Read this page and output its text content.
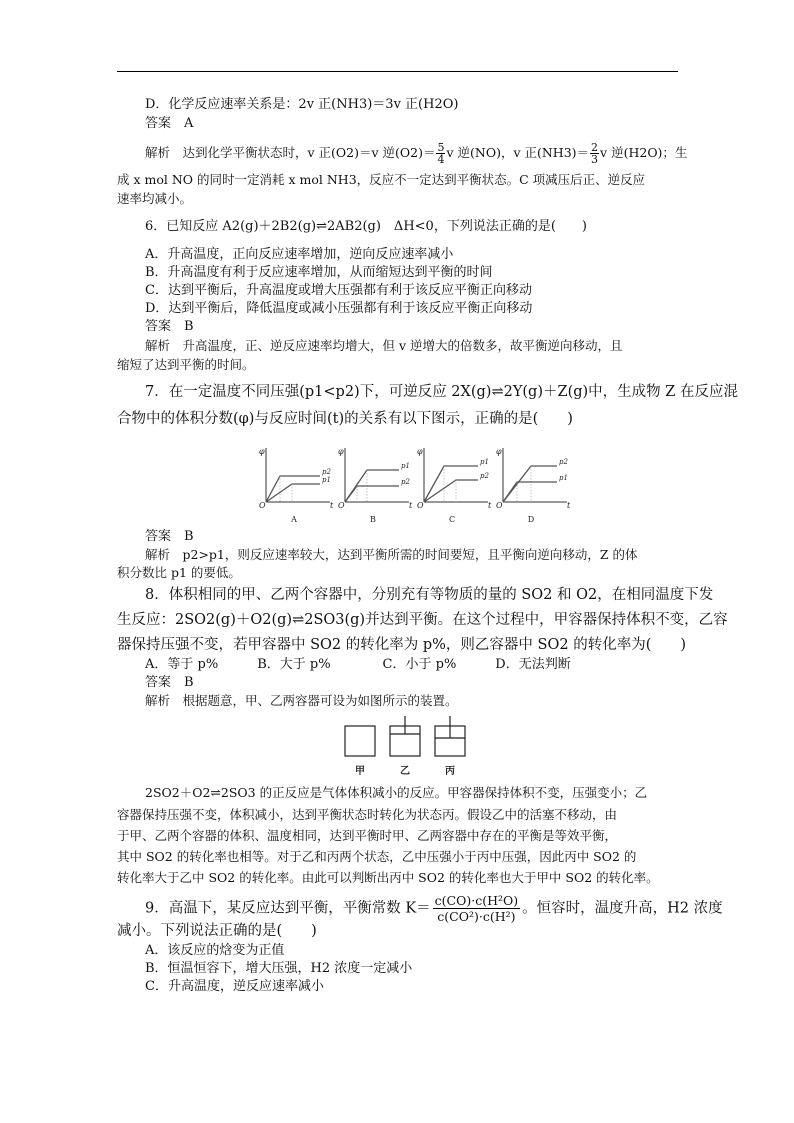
D．化学反应速率关系是：2v 正(NH3)＝3v 正(H2O)
答案　A
解析　达到化学平衡状态时，v 正(O2)＝v 逆$(O2)= \frac{5}{4}$ v 逆(NO)，v 正$(NH3)= \frac{2}{3}$ v 逆(H2O)；生
成 x mol NO 的同时一定消耗 x mol NH3，反应不一定达到平衡状态。C 项减压后正、逆反应
速率均减小。
6．已知反应 A2(g)＋2B2(g)⇌2AB2(g)　ΔH<0，下列说法正确的是(　　)
A．升高温度，正向反应速率增加，逆向反应速率减小
B．升高温度有利于反应速率增加，从而缩短达到平衡的时间
C．达到平衡后，升高温度或增大压强都有利于该反应平衡正向移动
D．达到平衡后，降低温度或减小压强都有利于该反应平衡正向移动
答案　B
解析　升高温度，正、逆反应速率均增大，但 v 逆增大的倍数多，故平衡逆向移动，且
缩短了达到平衡的时间。
7．在一定温度不同压强(p1<p2)下，可逆反应 2X(g)⇌2Y(g)＋Z(g)中，生成物 Z 在反应混
合物中的体积分数(φ)与反应时间(t)的关系有以下图示，正确的是(　　)
p2
p1
φ
t
O
A
p1
p2
φ
t
O
B
p1
p2
φ
t
O
C
p2
p1
φ
t
O
D
答案　B
解析　p2>p1，则反应速率较大，达到平衡所需的时间要短，且平衡向逆向移动，Z 的体
积分数比 p1 的要低。
8．体积相同的甲、乙两个容器中，分别充有等物质的量的 SO2 和 O2，在相同温度下发
生反应：2SO2(g)＋O2(g)⇌2SO3(g)并达到平衡。在这个过程中，甲容器保持体积不变，乙容
器保持压强不变，若甲容器中 SO2 的转化率为 p%，则乙容器中 SO2 的转化率为(　　)
A．等于 p%　　　B．大于 p%　　　　C．小于 p%　　　D．无法判断
答案　B
解析　根据题意，甲、乙两容器可设为如图所示的装置。
甲	乙	丙
2SO2＋O2⇌2SO3 的正反应是气体体积减小的反应。甲容器保持体积不变，压强变小；乙
容器保持压强不变，体积减小，达到平衡状态时转化为状态丙。假设乙中的活塞不移动，由
于甲、乙两个容器的体积、温度相同，达到平衡时甲、乙两容器中存在的平衡是等效平衡，
其中 SO2 的转化率也相等。对于乙和丙两个状态，乙中压强小于丙中压强，因此丙中 SO2 的
转化率大于乙中 SO2 的转化率。由此可以判断出丙中 SO2 的转化率也大于甲中 SO2 的转化率。
9．高温下，某反应达到平衡，平衡常数 $K= \frac{\text{c(CO)·c(H²O)}}{\text{c(CO²)·c(H²)}}$ 。恒容时，温度升高，H2 浓度
减小。下列说法正确的是(　　)
A．该反应的焓变为正值
B．恒温恒容下，增大压强，H2 浓度一定减小
C．升高温度，逆反应速率减小
